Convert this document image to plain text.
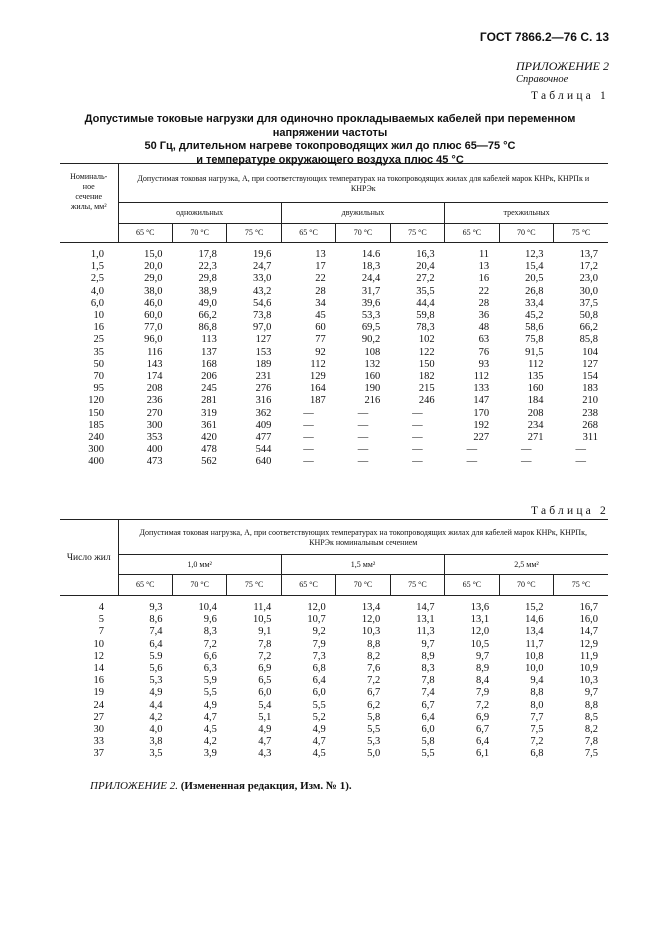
ГОСТ 7866.2—76 С. 13
ПРИЛОЖЕНИЕ 2
Справочное
Таблица 1
Допустимые токовые нагрузки для одиночно прокладываемых кабелей при переменном напряжении частоты
50 Гц, длительном нагреве токопроводящих жил до плюс 65—75 °С
и температуре окружающего воздуха плюс 45 °С
Номиналь-
ное
сечение
жилы, мм²	Допустимая токовая нагрузка, А, при соответствующих температурах на токопроводящих жилах для кабелей марок КНРк, КНРПк и КНРЭк								
	одножильных			двужильных			трехжильных		
	65 °С	70 °С	75 °С	65 °С	70 °С	75 °С	65 °С	70 °С	75 °С
1,0	15,0	17,8	19,6	13	14.6	16,3	11	12,3	13,7
1,5	20,0	22,3	24,7	17	18,3	20,4	13	15,4	17,2
2,5	29,0	29,8	33,0	22	24,4	27,2	16	20,5	23,0
4,0	38,0	38,9	43,2	28	31,7	35,5	22	26,8	30,0
6,0	46,0	49,0	54,6	34	39,6	44,4	28	33,4	37,5
10	60,0	66,2	73,8	45	53,3	59,8	36	45,2	50,8
16	77,0	86,8	97,0	60	69,5	78,3	48	58,6	66,2
25	96,0	113	127	77	90,2	102	63	75,8	85,8
35	116	137	153	92	108	122	76	91,5	104
50	143	168	189	112	132	150	93	112	127
70	174	206	231	129	160	182	112	135	154
95	208	245	276	164	190	215	133	160	183
120	236	281	316	187	216	246	147	184	210
150	270	319	362	—	—	—	170	208	238
185	300	361	409	—	—	—	192	234	268
240	353	420	477	—	—	—	227	271	311
300	400	478	544	—	—	—	—	—	—
400	473	562	640	—	—	—	—	—	—
Таблица 2
Число жил	Допустимая токовая нагрузка, А, при соответствующих температурах на токопроводящих жилах для кабелей марок КНРк, КНРПк, КНРЭк номинальным сечением								
	1,0 мм²			1,5 мм²			2,5 мм²		
	65 °С	70 °С	75 °С	65 °С	70 °С	75 °С	65 °С	70 °С	75 °С
4	9,3	10,4	11,4	12,0	13,4	14,7	13,6	15,2	16,7
5	8,6	9,6	10,5	10,7	12,0	13,1	13,1	14,6	16,0
7	7,4	8,3	9,1	9,2	10,3	11,3	12,0	13,4	14,7
10	6,4	7,2	7,8	7,9	8,8	9,7	10,5	11,7	12,9
12	5.9	6,6	7,2	7,3	8,2	8,9	9,7	10,8	11,9
14	5,6	6,3	6,9	6,8	7,6	8,3	8,9	10,0	10,9
16	5,3	5,9	6,5	6,4	7,2	7,8	8,4	9,4	10,3
19	4,9	5,5	6,0	6,0	6,7	7,4	7,9	8,8	9,7
24	4,4	4,9	5,4	5,5	6,2	6,7	7,2	8,0	8,8
27	4,2	4,7	5,1	5,2	5,8	6,4	6,9	7,7	8,5
30	4,0	4,5	4,9	4,9	5,5	6,0	6,7	7,5	8,2
33	3,8	4,2	4,7	4,7	5,3	5,8	6,4	7,2	7,8
37	3,5	3,9	4,3	4,5	5,0	5,5	6,1	6,8	7,5
ПРИЛОЖЕНИЕ 2. (Измененная редакция, Изм. № 1).
